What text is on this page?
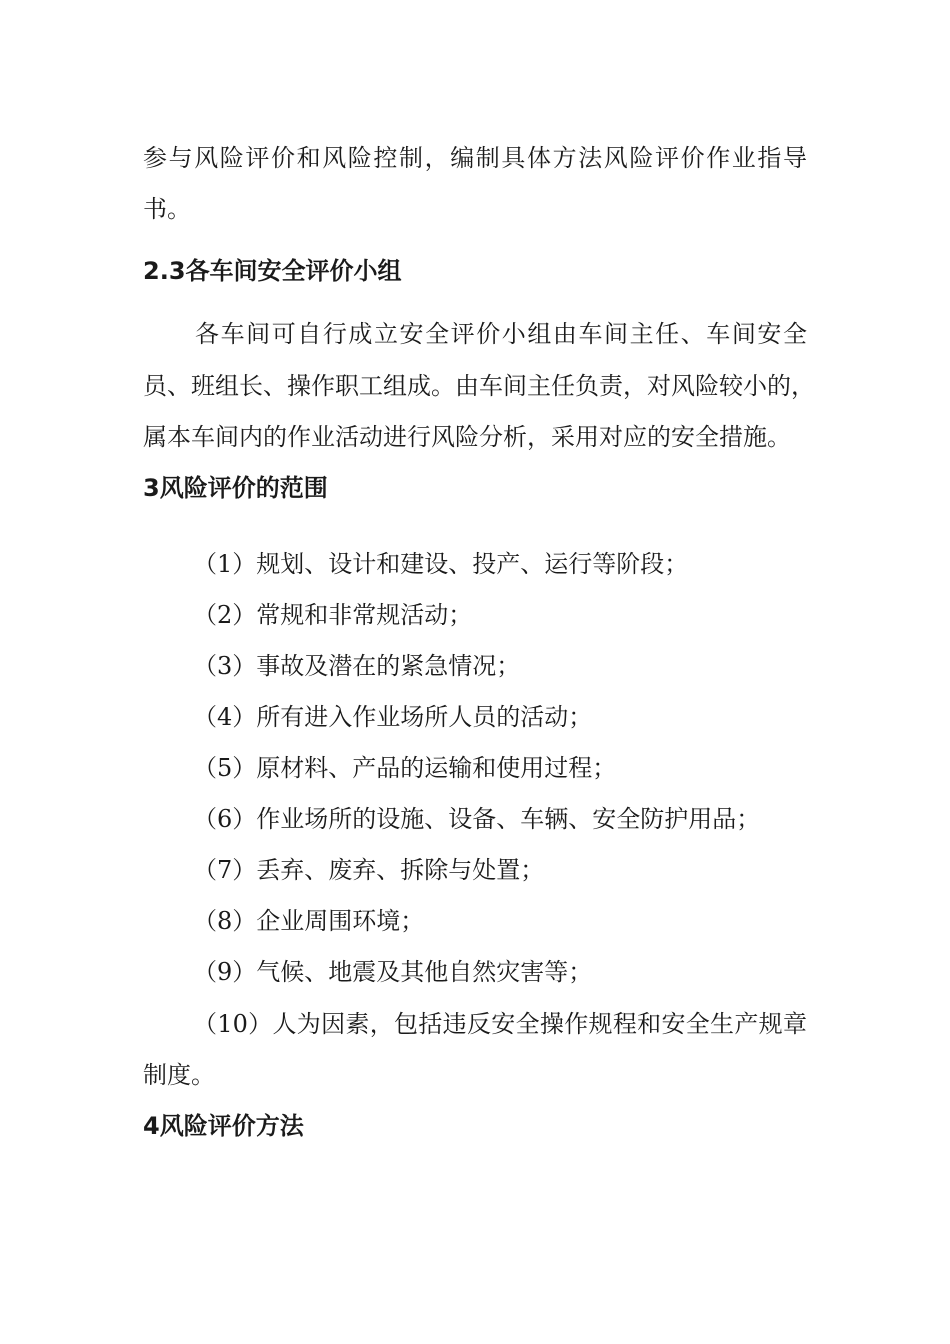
参与风险评价和风险控制，编制具体方法风险评价作业指导

书。

2.3各车间安全评价小组

各车间可自行成立安全评价小组由车间主任、车间安全

员、班组长、操作职工组成。由车间主任负责，对风险较小的，

属本车间内的作业活动进行风险分析，采用对应的安全措施。

3风险评价的范围

（1）规划、设计和建设、投产、运行等阶段；

（2）常规和非常规活动；

（3）事故及潜在的紧急情况；

（4）所有进入作业场所人员的活动；

（5）原材料、产品的运输和使用过程；

（6）作业场所的设施、设备、车辆、安全防护用品；

（7）丢弃、废弃、拆除与处置；

（8）企业周围环境；

（9）气候、地震及其他自然灾害等；

（10）人为因素，包括违反安全操作规程和安全生产规章

制度。

4风险评价方法
